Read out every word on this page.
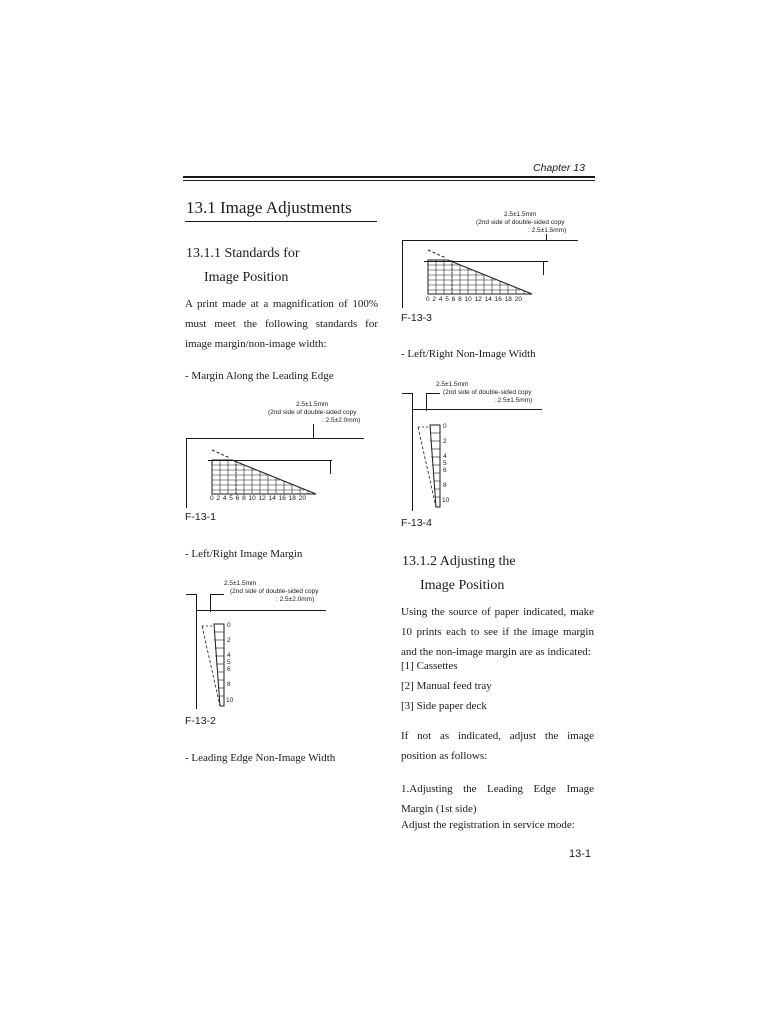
Chapter 13
13.1 Image Adjustments
13.1.1 Standards for
Image Position
A print made at a magnification of 100% must meet the following standards for image margin/non-image width:
- Margin Along the Leading Edge
2.5±1.5mm
(2nd side of double-sided copy
: 2.5±2.0mm)
0 2 4 5 6 8 10 12 14 16 18 20
F-13-1
- Left/Right Image Margin
2.5±1.5mm
(2nd side of double-sided copy
: 2.5±2.0mm)
0
2
4
5
6
8
10
F-13-2
- Leading Edge Non-Image Width
2.5±1.5mm
(2nd side of double-sided copy
: 2.5±1.5mm)
0 2 4 5 6 8 10 12 14 16 18 20
F-13-3
- Left/Right Non-Image Width
2.5±1.5mm
(2nd side of double-sided copy
: 2.5±1.5mm)
0
2
4
5
6
8
10
F-13-4
13.1.2 Adjusting the
Image Position
Using the source of paper indicated, make 10 prints each to see if the image margin and the non-image margin are as indicated:
[1] Cassettes
[2] Manual feed tray
[3] Side paper deck
If not as indicated, adjust the image position as follows:
1.Adjusting the Leading Edge Image Margin (1st side)
Adjust the registration in service mode:
13-1
